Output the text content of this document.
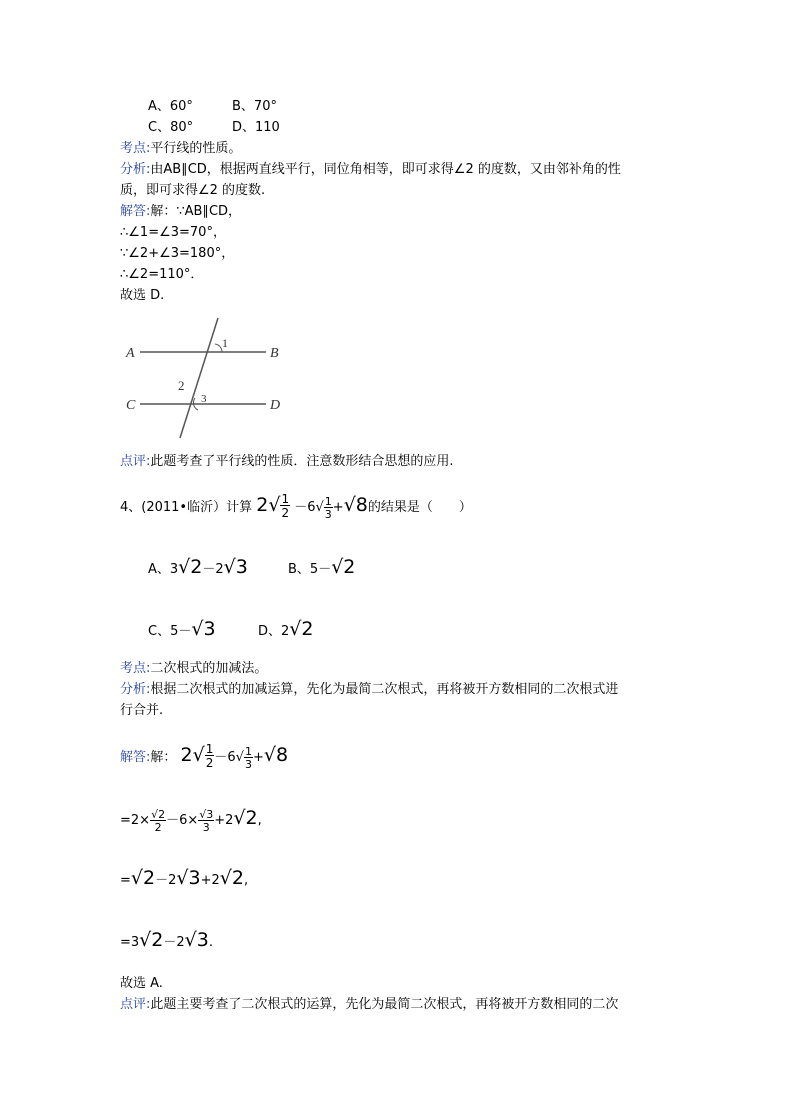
A、60°	B、70°
C、80°	D、110
考点:平行线的性质。
分析:由AB∥CD，根据两直线平行，同位角相等，即可求得∠2 的度数，又由邻补角的性
质，即可求得∠2 的度数.
解答:解：∵AB∥CD，
∴∠1=∠3=70°，
∵∠2+∠3=180°，
∴∠2=110°．
故选 D.
A	B
C	D
1
2
3
点评:此题考查了平行线的性质．注意数形结合思想的应用.
4、(2011•临沂）计算 $2√ \frac{1}{2} -6√ \frac{1}{3} +√8$的结果是（　　）
A、3√2－2√3	B、5－√2
C、5－√3	D、2√2
考点:二次根式的加减法。
分析:根据二次根式的加减运算，先化为最简二次根式，再将被开方数相同的二次根式进
行合并.
解答:解： $2√ \frac{1}{2} -6√ \frac{1}{3} +√8$
$=2\times \frac{√2}{2} -6\times \frac{√3}{3} +2√2$,
=√2－2√3+2√2,
=3√2－2√3.
故选 A.
点评:此题主要考查了二次根式的运算，先化为最简二次根式，再将被开方数相同的二次
